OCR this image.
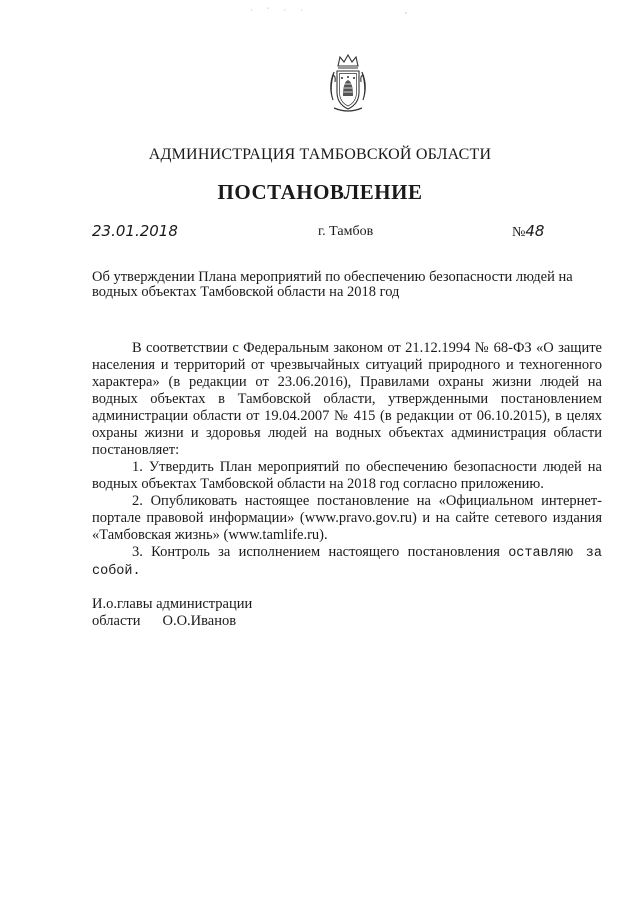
· ¨ · ·            ‚
АДМИНИСТРАЦИЯ ТАМБОВСКОЙ ОБЛАСТИ
ПОСТАНОВЛЕНИЕ
23.01.2018	г. Тамбов	№48
Об утверждении Плана мероприятий по обеспечению безопасности людей на водных объектах Тамбовской области на 2018 год

В соответствии с Федеральным законом от 21.12.1994 № 68-ФЗ «О защите населения и территорий от чрезвычайных ситуаций природного и техногенного характера» (в редакции от 23.06.2016), Правилами охраны жизни людей на водных объектах в Тамбовской области, утвержденными постановлением администрации области от 19.04.2007 № 415 (в редакции от 06.10.2015), в целях охраны жизни и здоровья людей на водных объектах администрация области постановляет:

1. Утвердить План мероприятий по обеспечению безопасности людей на водных объектах Тамбовской области на 2018 год согласно приложению.

2. Опубликовать настоящее постановление на «Официальном интернет-портале правовой информации» (www.pravo.gov.ru) и на сайте сетевого издания «Тамбовская жизнь» (www.tamlife.ru).

3. Контроль за исполнением настоящего постановления оставляю за собой.

И.о.главы администрации
области О.О.Иванов
